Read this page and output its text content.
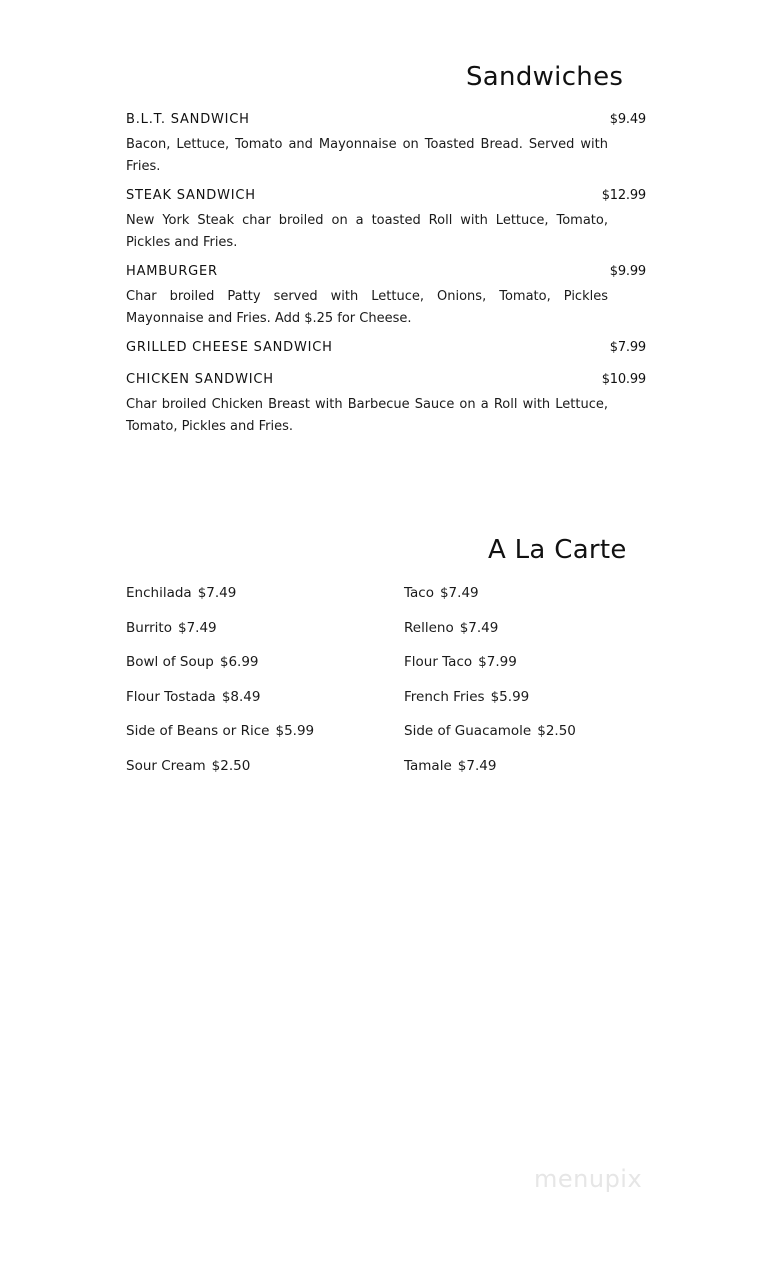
Sandwiches
B.L.T. SANDWICH	$9.49
Bacon, Lettuce, Tomato and Mayonnaise on Toasted Bread. Served with Fries.
STEAK SANDWICH	$12.99
New York Steak char broiled on a toasted Roll with Lettuce, Tomato, Pickles and Fries.
HAMBURGER	$9.99
Char broiled Patty served with Lettuce, Onions, Tomato, Pickles Mayonnaise and Fries. Add $.25 for Cheese.
GRILLED CHEESE SANDWICH	$7.99
CHICKEN SANDWICH	$10.99
Char broiled Chicken Breast with Barbecue Sauce on a Roll with Lettuce, Tomato, Pickles and Fries.
A La Carte
Enchilada $7.49
Burrito $7.49
Bowl of Soup $6.99
Flour Tostada $8.49
Side of Beans or Rice $5.99
Sour Cream $2.50
Taco $7.49
Relleno $7.49
Flour Taco $7.99
French Fries $5.99
Side of Guacamole $2.50
Tamale $7.49
menupix
